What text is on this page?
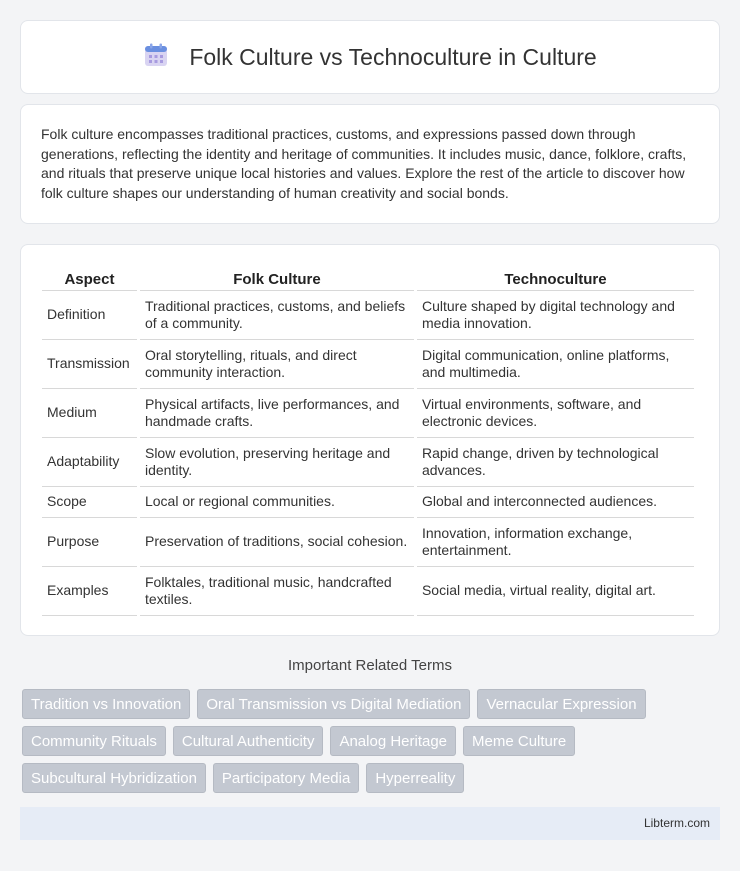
Folk Culture vs Technoculture in Culture

Folk culture encompasses traditional practices, customs, and expressions passed down through generations, reflecting the identity and heritage of communities. It includes music, dance, folklore, crafts, and rituals that preserve unique local histories and values. Explore the rest of the article to discover how folk culture shapes our understanding of human creativity and social bonds.

Aspect	Folk Culture	Technoculture
Definition	Traditional practices, customs, and beliefs of a community.	Culture shaped by digital technology and media innovation.
Transmission	Oral storytelling, rituals, and direct community interaction.	Digital communication, online platforms, and multimedia.
Medium	Physical artifacts, live performances, and handmade crafts.	Virtual environments, software, and electronic devices.
Adaptability	Slow evolution, preserving heritage and identity.	Rapid change, driven by technological advances.
Scope	Local or regional communities.	Global and interconnected audiences.
Purpose	Preservation of traditions, social cohesion.	Innovation, information exchange, entertainment.
Examples	Folktales, traditional music, handcrafted textiles.	Social media, virtual reality, digital art.
Important Related Terms
Tradition vs Innovation	Oral Transmission vs Digital Mediation	Vernacular Expression
Community Rituals	Cultural Authenticity	Analog Heritage	Meme Culture
Subcultural Hybridization	Participatory Media	Hyperreality
Libterm.com
